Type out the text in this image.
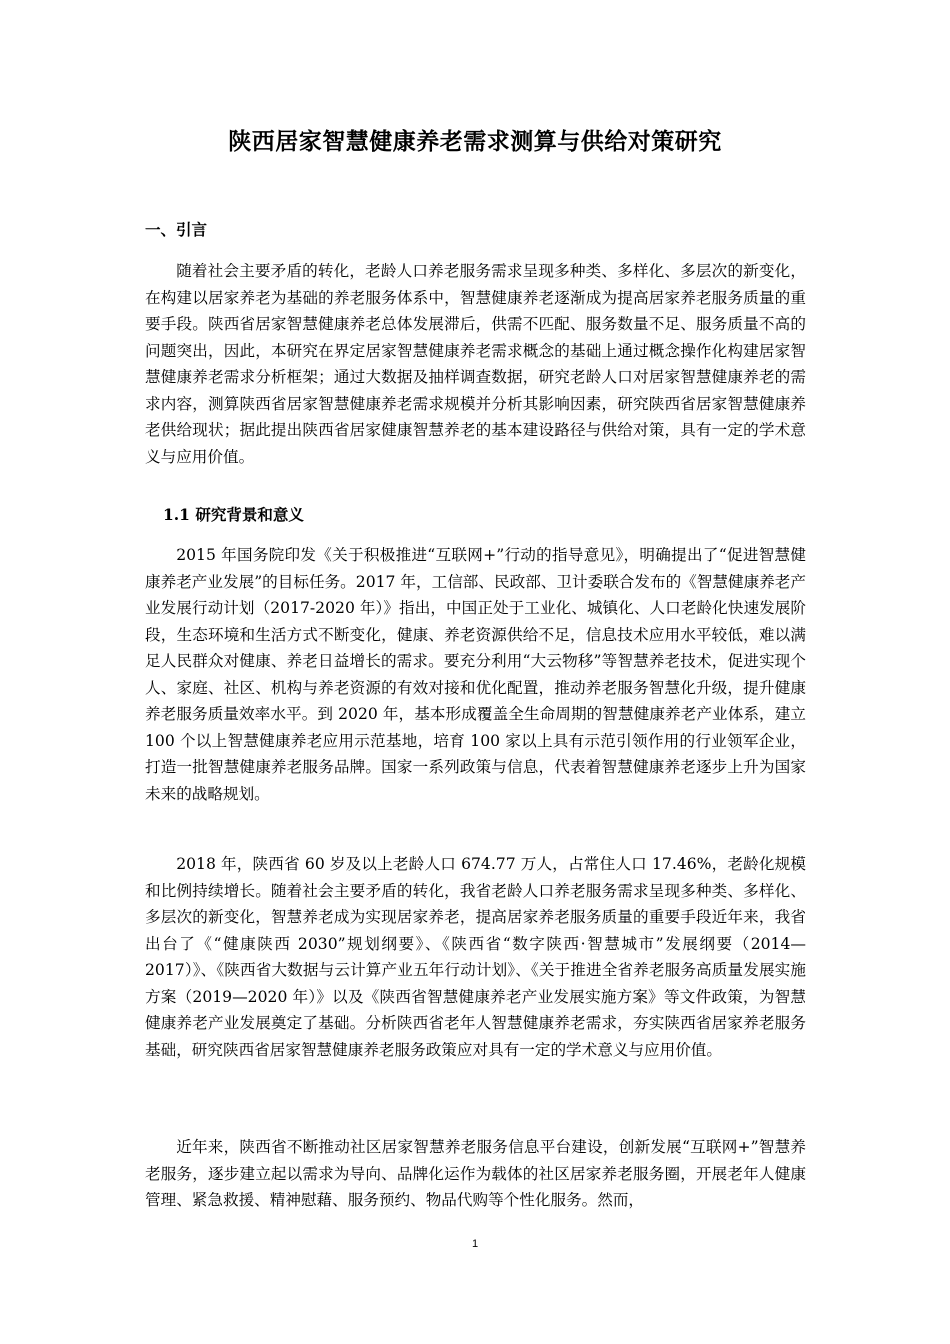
陕西居家智慧健康养老需求测算与供给对策研究
一、引言

随着社会主要矛盾的转化，老龄人口养老服务需求呈现多种类、多样化、多层次的新变化，在构建以居家养老为基础的养老服务体系中，智慧健康养老逐渐成为提高居家养老服务质量的重要手段。陕西省居家智慧健康养老总体发展滞后，供需不匹配、服务数量不足、服务质量不高的问题突出，因此，本研究在界定居家智慧健康养老需求概念的基础上通过概念操作化构建居家智慧健康养老需求分析框架；通过大数据及抽样调查数据，研究老龄人口对居家智慧健康养老的需求内容，测算陕西省居家智慧健康养老需求规模并分析其影响因素，研究陕西省居家智慧健康养老供给现状；据此提出陕西省居家健康智慧养老的基本建设路径与供给对策，具有一定的学术意义与应用价值。

1.1 研究背景和意义

2015 年国务院印发《关于积极推进“互联网+”行动的指导意见》，明确提出了“促进智慧健康养老产业发展”的目标任务。2017 年，工信部、民政部、卫计委联合发布的《智慧健康养老产业发展行动计划（2017-2020 年）》指出，中国正处于工业化、城镇化、人口老龄化快速发展阶段，生态环境和生活方式不断变化，健康、养老资源供给不足，信息技术应用水平较低，难以满足人民群众对健康、养老日益增长的需求。要充分利用“大云物移”等智慧养老技术，促进实现个人、家庭、社区、机构与养老资源的有效对接和优化配置，推动养老服务智慧化升级，提升健康养老服务质量效率水平。到 2020 年，基本形成覆盖全生命周期的智慧健康养老产业体系，建立 100 个以上智慧健康养老应用示范基地，培育 100 家以上具有示范引领作用的行业领军企业，打造一批智慧健康养老服务品牌。国家一系列政策与信息，代表着智慧健康养老逐步上升为国家未来的战略规划。

2018 年，陕西省 60 岁及以上老龄人口 674.77 万人，占常住人口 17.46%，老龄化规模和比例持续增长。随着社会主要矛盾的转化，我省老龄人口养老服务需求呈现多种类、多样化、多层次的新变化，智慧养老成为实现居家养老，提高居家养老服务质量的重要手段近年来，我省出台了《“健康陕西 2030”规划纲要》、《陕西省“数字陕西·智慧城市”发展纲要（2014—2017）》、《陕西省大数据与云计算产业五年行动计划》、《关于推进全省养老服务高质量发展实施方案（2019—2020 年）》以及《陕西省智慧健康养老产业发展实施方案》等文件政策，为智慧健康养老产业发展奠定了基础。分析陕西省老年人智慧健康养老需求，夯实陕西省居家养老服务基础，研究陕西省居家智慧健康养老服务政策应对具有一定的学术意义与应用价值。

近年来，陕西省不断推动社区居家智慧养老服务信息平台建设，创新发展“互联网+”智慧养老服务，逐步建立起以需求为导向、品牌化运作为载体的社区居家养老服务圈，开展老年人健康管理、紧急救援、精神慰藉、服务预约、物品代购等个性化服务。然而，

1
